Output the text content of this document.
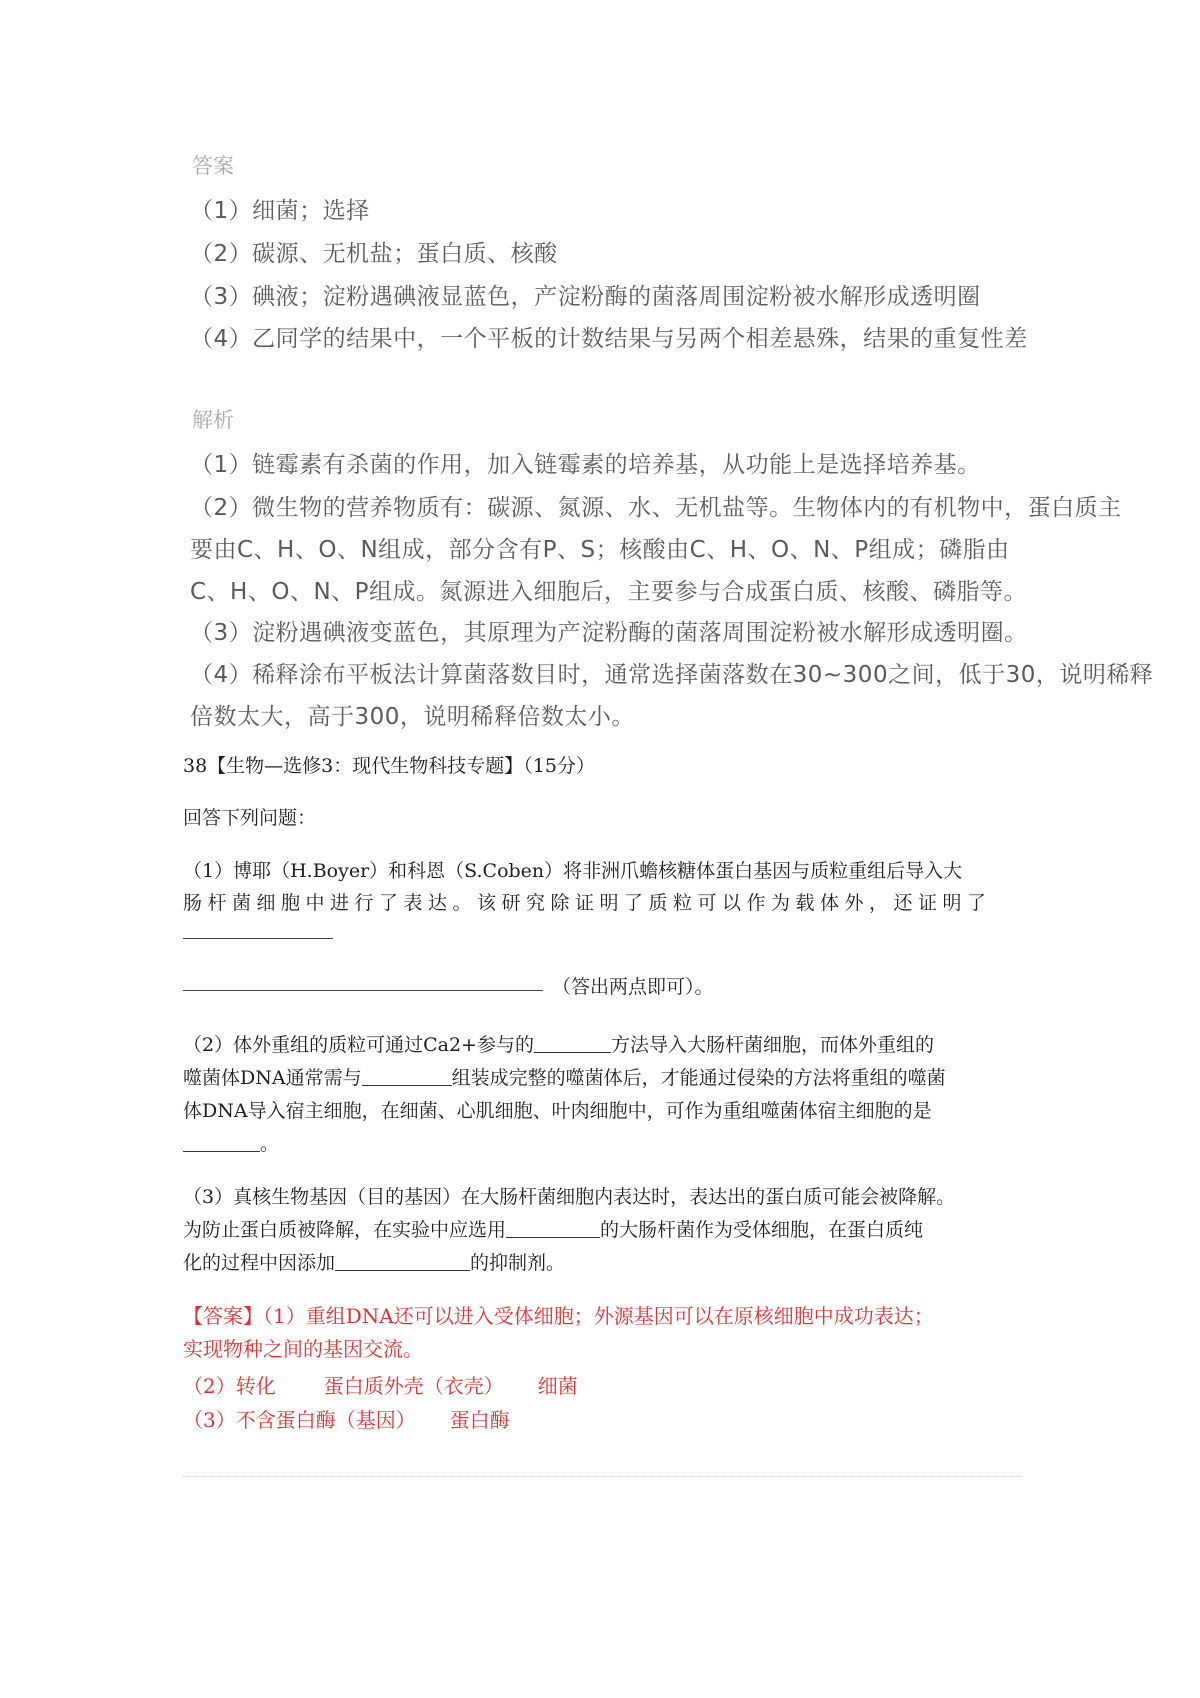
答案
（1）细菌；选择
（2）碳源、无机盐；蛋白质、核酸
（3）碘液；淀粉遇碘液显蓝色，产淀粉酶的菌落周围淀粉被水解形成透明圈
（4）乙同学的结果中，一个平板的计数结果与另两个相差悬殊，结果的重复性差
解析
（1）链霉素有杀菌的作用，加入链霉素的培养基，从功能上是选择培养基。
（2）微生物的营养物质有：碳源、氮源、水、无机盐等。生物体内的有机物中，蛋白质主
要由C、H、O、N组成，部分含有P、S；核酸由C、H、O、N、P组成；磷脂由
C、H、O、N、P组成。氮源进入细胞后，主要参与合成蛋白质、核酸、磷脂等。
（3）淀粉遇碘液变蓝色，其原理为产淀粉酶的菌落周围淀粉被水解形成透明圈。
（4）稀释涂布平板法计算菌落数目时，通常选择菌落数在30~300之间，低于30，说明稀释
倍数太大，高于300，说明稀释倍数太小。
38【生物—选修3：现代生物科技专题】（15分）
回答下列问题：
（1）博耶（H.Boyer）和科恩（S.Coben）将非洲爪蟾核糖体蛋白基因与质粒重组后导入大
肠杆菌细胞中进行了表达。该研究除证明了质粒可以作为载体外，还证明了
（答出两点即可）。
（2）体外重组的质粒可通过Ca2+参与的	方法导入大肠杆菌细胞，而体外重组的
噬菌体DNA通常需与	组装成完整的噬菌体后，才能通过侵染的方法将重组的噬菌
体DNA导入宿主细胞，在细菌、心肌细胞、叶肉细胞中，可作为重组噬菌体宿主细胞的是
。
（3）真核生物基因（目的基因）在大肠杆菌细胞内表达时，表达出的蛋白质可能会被降解。
为防止蛋白质被降解，在实验中应选用	的大肠杆菌作为受体细胞，在蛋白质纯
化的过程中因添加	的抑制剂。
【答案】（1）重组DNA还可以进入受体细胞；外源基因可以在原核细胞中成功表达；
实现物种之间的基因交流。
（2）转化 蛋白质外壳（衣壳） 细菌
（3）不含蛋白酶（基因） 蛋白酶
